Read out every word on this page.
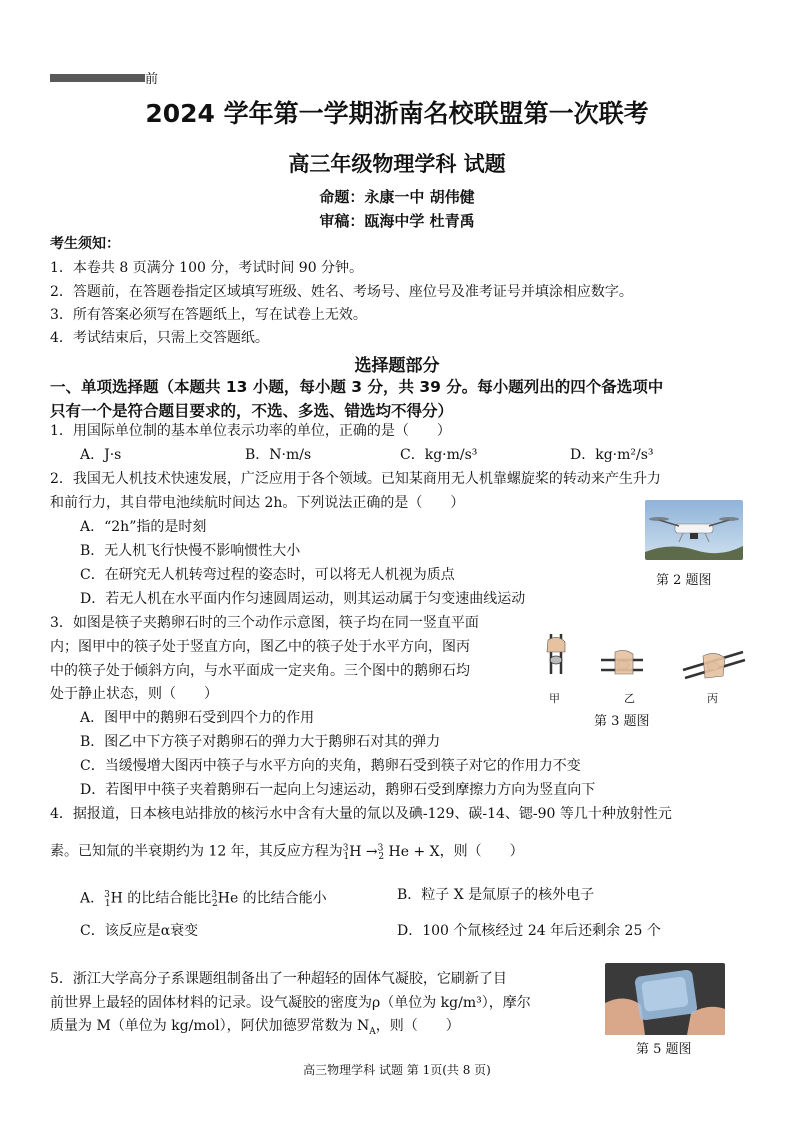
前
2024 学年第一学期浙南名校联盟第一次联考
高三年级物理学科 试题
命题：永康一中 胡伟健
审稿：瓯海中学 杜青禹
考生须知：
1．本卷共 8 页满分 100 分，考试时间 90 分钟。
2．答题前，在答题卷指定区域填写班级、姓名、考场号、座位号及准考证号并填涂相应数字。
3．所有答案必须写在答题纸上，写在试卷上无效。
4．考试结束后，只需上交答题纸。
选择题部分
一、单项选择题（本题共 13 小题，每小题 3 分，共 39 分。每小题列出的四个备选项中
只有一个是符合题目要求的，不选、多选、错选均不得分）
1．用国际单位制的基本单位表示功率的单位，正确的是（　　）
A．J·s	B．N·m/s	C．kg·m/s³	D．kg·m²/s³
2．我国无人机技术快速发展，广泛应用于各个领域。已知某商用无人机靠螺旋桨的转动来产生升力
和前行力，其自带电池续航时间达 2h。下列说法正确的是（　　）
A．“2h”指的是时刻
B．无人机飞行快慢不影响惯性大小
C．在研究无人机转弯过程的姿态时，可以将无人机视为质点
D．若无人机在水平面内作匀速圆周运动，则其运动属于匀变速曲线运动
第 2 题图
3．如图是筷子夹鹅卵石时的三个动作示意图，筷子均在同一竖直平面
内；图甲中的筷子处于竖直方向，图乙中的筷子处于水平方向，图丙
中的筷子处于倾斜方向，与水平面成一定夹角。三个图中的鹅卵石均
处于静止状态，则（　　）
A．图甲中的鹅卵石受到四个力的作用
B．图乙中下方筷子对鹅卵石的弹力大于鹅卵石对其的弹力
C．当缓慢增大图丙中筷子与水平方向的夹角，鹅卵石受到筷子对它的作用力不变
D．若图甲中筷子夹着鹅卵石一起向上匀速运动，鹅卵石受到摩擦力方向为竖直向下
甲	乙	丙
第 3 题图
4．据报道，日本核电站排放的核污水中含有大量的氚以及碘-129、碳-14、锶-90 等几十种放射性元
素。已知氚的半衰期约为 12 年，其反应方程为$^3_1$H →$^3_2$ He + X，则（　　）
A．$^3_1$H 的比结合能比$^3_2$He 的比结合能小	B．粒子 X 是氚原子的核外电子
C．该反应是α衰变	D．100 个氚核经过 24 年后还剩余 25 个
5．浙江大学高分子系课题组制备出了一种超轻的固体气凝胶，它刷新了目
前世界上最轻的固体材料的记录。设气凝胶的密度为ρ（单位为 kg/m³），摩尔
质量为 M（单位为 kg/mol），阿伏加德罗常数为 $N_A$，则（　　）
第 5 题图
高三物理学科 试题 第 1页(共 8 页)
